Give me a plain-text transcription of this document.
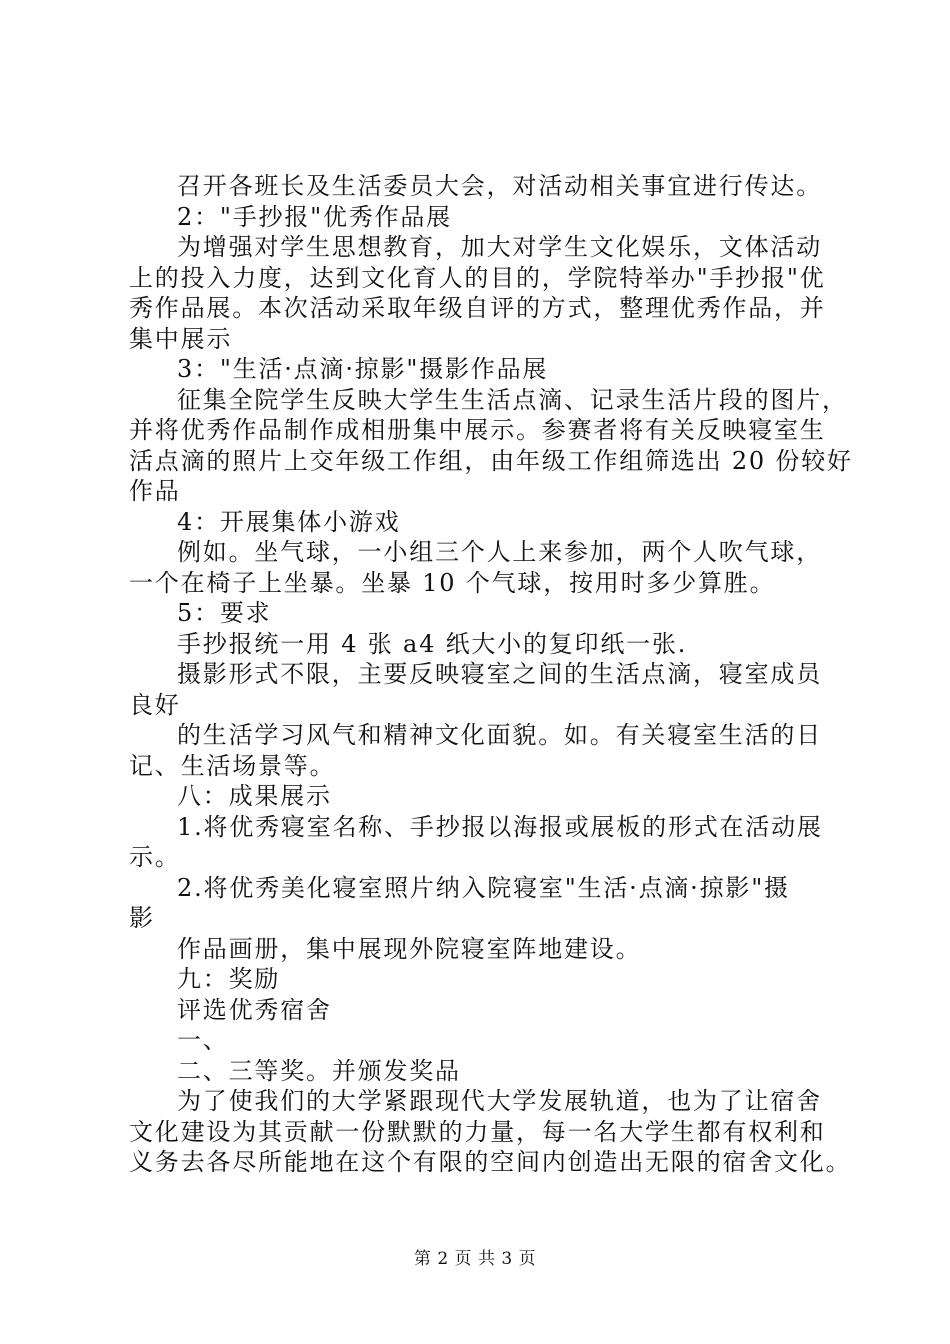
召开各班长及生活委员大会，对活动相关事宜进行传达。
2："手抄报"优秀作品展
为增强对学生思想教育，加大对学生文化娱乐，文体活动
上的投入力度，达到文化育人的目的，学院特举办"手抄报"优
秀作品展。本次活动采取年级自评的方式，整理优秀作品，并
集中展示
3："生活·点滴·掠影"摄影作品展
征集全院学生反映大学生生活点滴、记录生活片段的图片，
并将优秀作品制作成相册集中展示。参赛者将有关反映寝室生
活点滴的照片上交年级工作组，由年级工作组筛选出 20 份较好
作品
4：开展集体小游戏
例如。坐气球，一小组三个人上来参加，两个人吹气球，
一个在椅子上坐暴。坐暴 10 个气球，按用时多少算胜。
5：要求
手抄报统一用 4 张 a4 纸大小的复印纸一张.
摄影形式不限，主要反映寝室之间的生活点滴，寝室成员
良好
的生活学习风气和精神文化面貌。如。有关寝室生活的日
记、生活场景等。
八：成果展示
1.将优秀寝室名称、手抄报以海报或展板的形式在活动展
示。
2.将优秀美化寝室照片纳入院寝室"生活·点滴·掠影"摄
影
作品画册，集中展现外院寝室阵地建设。
九：奖励
评选优秀宿舍
一、
二、三等奖。并颁发奖品
为了使我们的大学紧跟现代大学发展轨道，也为了让宿舍
文化建设为其贡献一份默默的力量，每一名大学生都有权利和
义务去各尽所能地在这个有限的空间内创造出无限的宿舍文化。
第 2 页 共 3 页
